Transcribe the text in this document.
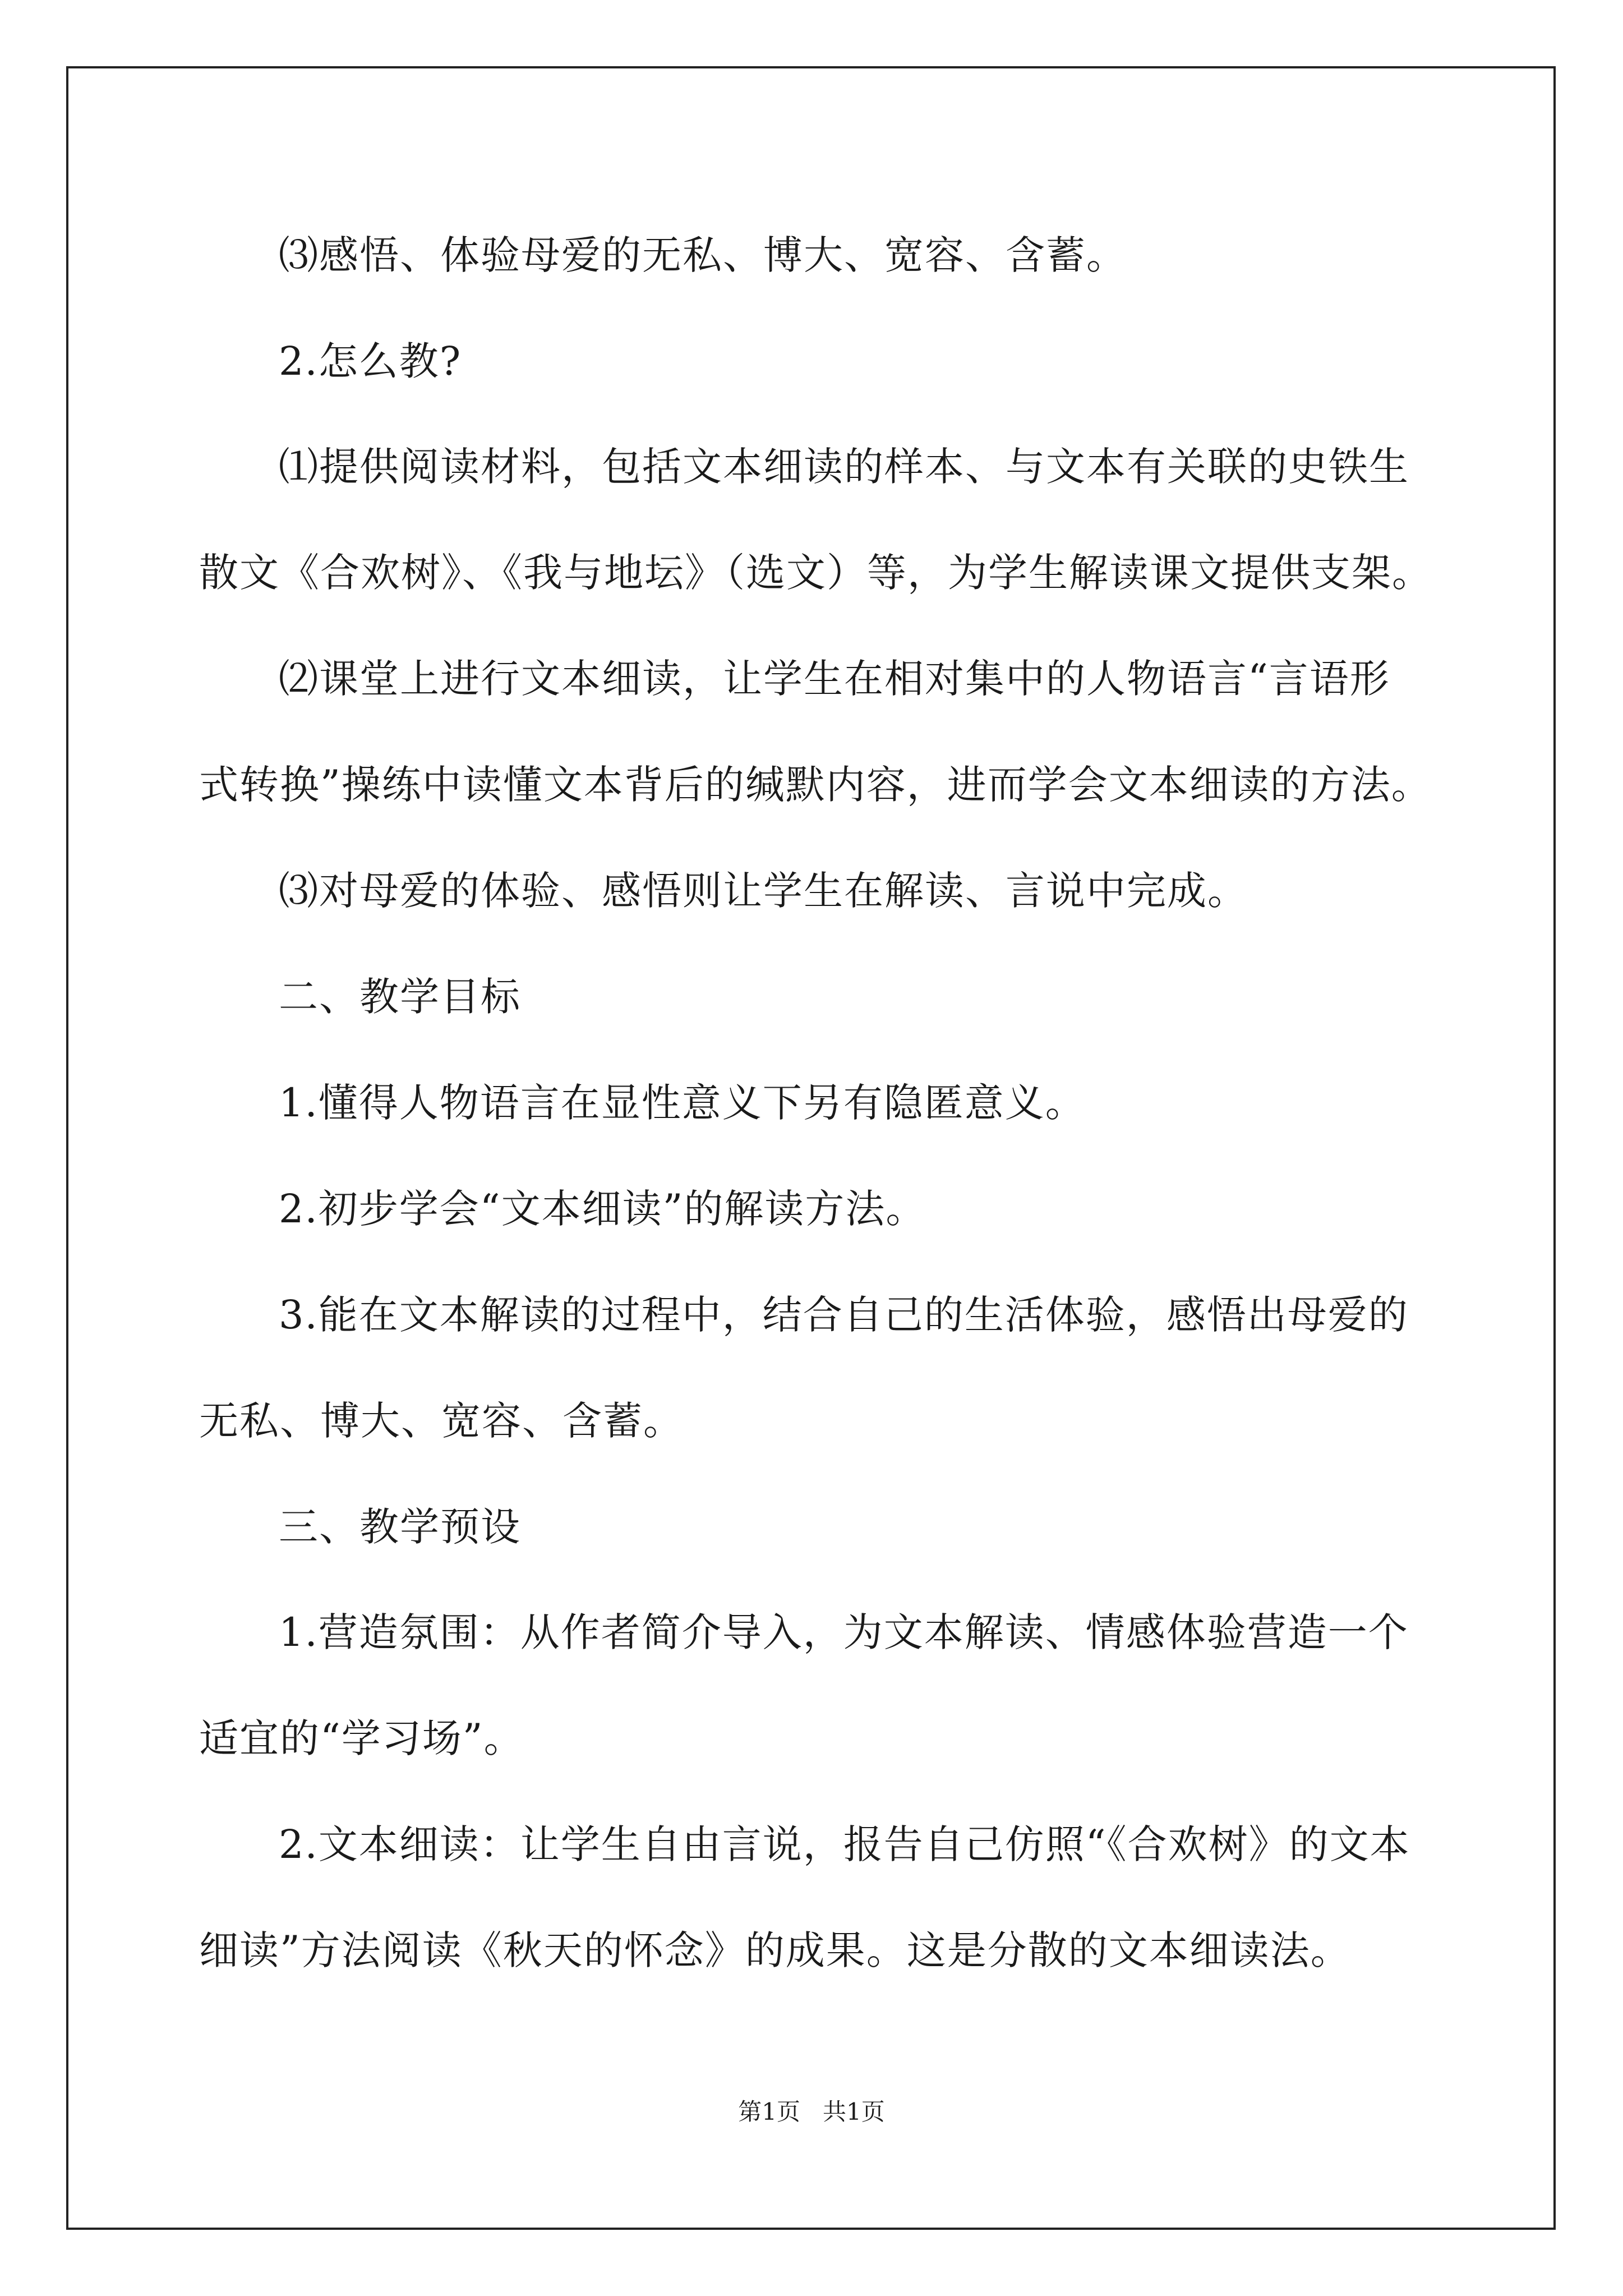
⑶感悟、体验母爱的无私、博大、宽容、含蓄。
2.怎么教?
⑴提供阅读材料，包括文本细读的样本、与文本有关联的史铁生
散文《合欢树》、《我与地坛》（选文）等，为学生解读课文提供支架。
⑵课堂上进行文本细读，让学生在相对集中的人物语言“言语形
式转换”操练中读懂文本背后的缄默内容，进而学会文本细读的方法。
⑶对母爱的体验、感悟则让学生在解读、言说中完成。
二、教学目标
1.懂得人物语言在显性意义下另有隐匿意义。
2.初步学会“文本细读”的解读方法。
3.能在文本解读的过程中，结合自己的生活体验，感悟出母爱的
无私、博大、宽容、含蓄。
三、教学预设
1.营造氛围：从作者简介导入，为文本解读、情感体验营造一个
适宜的“学习场”。
2.文本细读：让学生自由言说，报告自己仿照“《合欢树》的文本
细读”方法阅读《秋天的怀念》的成果。这是分散的文本细读法。
第1页   共1页
